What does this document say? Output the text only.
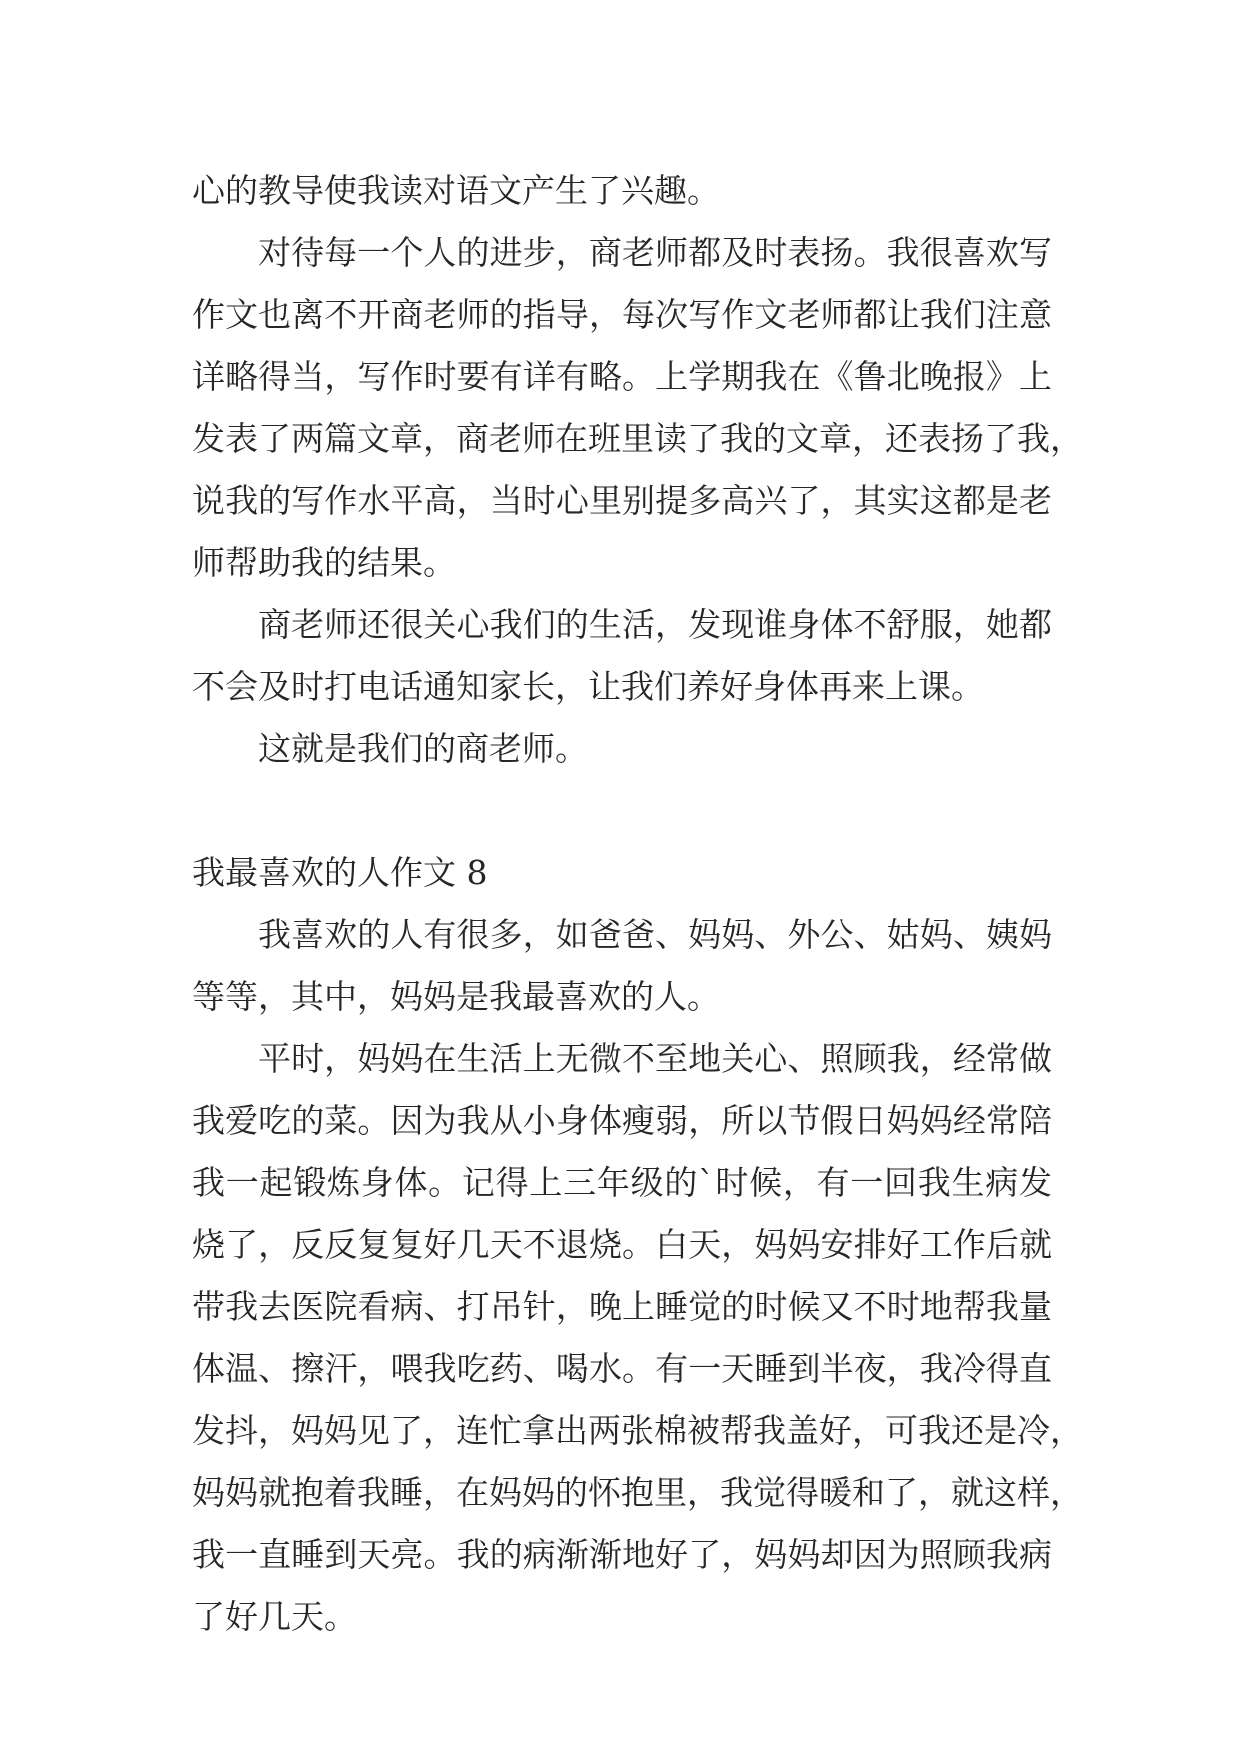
心的教导使我读对语文产生了兴趣。
对待每一个人的进步，商老师都及时表扬。我很喜欢写
作文也离不开商老师的指导，每次写作文老师都让我们注意
详略得当，写作时要有详有略。上学期我在《鲁北晚报》上
发表了两篇文章，商老师在班里读了我的文章，还表扬了我，
说我的写作水平高，当时心里别提多高兴了，其实这都是老
师帮助我的结果。
商老师还很关心我们的生活，发现谁身体不舒服，她都
不会及时打电话通知家长，让我们养好身体再来上课。
这就是我们的商老师。
我最喜欢的人作文 8
我喜欢的人有很多，如爸爸、妈妈、外公、姑妈、姨妈
等等，其中，妈妈是我最喜欢的人。
平时，妈妈在生活上无微不至地关心、照顾我，经常做
我爱吃的菜。因为我从小身体瘦弱，所以节假日妈妈经常陪
我一起锻炼身体。记得上三年级的`时候，有一回我生病发
烧了，反反复复好几天不退烧。白天，妈妈安排好工作后就
带我去医院看病、打吊针，晚上睡觉的时候又不时地帮我量
体温、擦汗，喂我吃药、喝水。有一天睡到半夜，我冷得直
发抖，妈妈见了，连忙拿出两张棉被帮我盖好，可我还是冷，
妈妈就抱着我睡，在妈妈的怀抱里，我觉得暖和了，就这样，
我一直睡到天亮。我的病渐渐地好了，妈妈却因为照顾我病
了好几天。
